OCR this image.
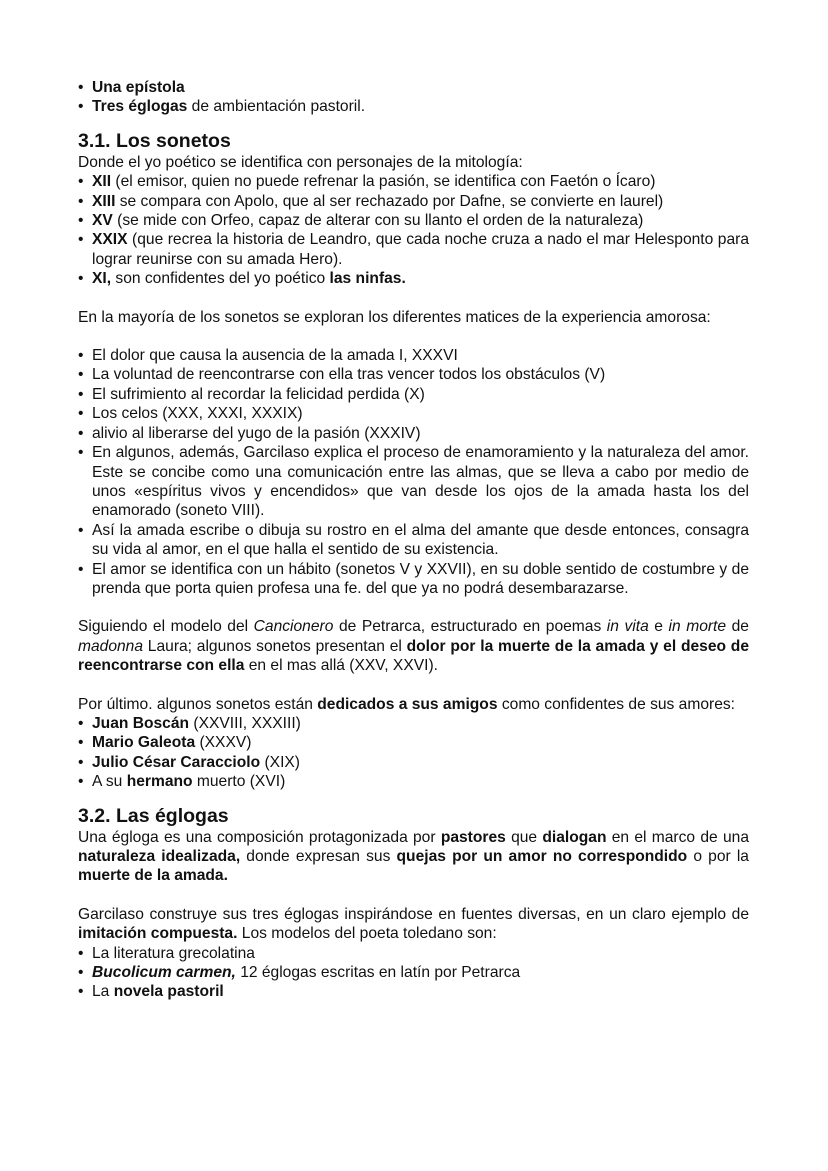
• Una epístola
• Tres églogas de ambientación pastoril.
3.1. Los sonetos

Donde el yo poético se identifica con personajes de la mitología:

• XII (el emisor, quien no puede refrenar la pasión, se identifica con Faetón o Ícaro)
• XIII se compara con Apolo, que al ser rechazado por Dafne, se convierte en laurel)
• XV (se mide con Orfeo, capaz de alterar con su llanto el orden de la naturaleza)
• XXIX (que recrea la historia de Leandro, que cada noche cruza a nado el mar Helesponto para lograr reunirse con su amada Hero).
• XI, son confidentes del yo poético las ninfas.

En la mayoría de los sonetos se exploran los diferentes matices de la experiencia amorosa:

• El dolor que causa la ausencia de la amada I, XXXVI
• La voluntad de reencontrarse con ella tras vencer todos los obstáculos (V)
• El sufrimiento al recordar la felicidad perdida (X)
• Los celos (XXX, XXXI, XXXIX)
• alivio al liberarse del yugo de la pasión (XXXIV)
• En algunos, además, Garcilaso explica el proceso de enamoramiento y la naturaleza del amor. Este se concibe como una comunicación entre las almas, que se lleva a cabo por medio de unos «espíritus vivos y encendidos» que van desde los ojos de la amada hasta los del enamorado (soneto VIII).
• Así la amada escribe o dibuja su rostro en el alma del amante que desde entonces, consagra su vida al amor, en el que halla el sentido de su existencia.
• El amor se identifica con un hábito (sonetos V y XXVII), en su doble sentido de costumbre y de prenda que porta quien profesa una fe. del que ya no podrá desembarazarse.

Siguiendo el modelo del Cancionero de Petrarca, estructurado en poemas in vita e in morte de madonna Laura; algunos sonetos presentan el dolor por la muerte de la amada y el deseo de reencontrarse con ella en el mas allá (XXV, XXVI).

Por último. algunos sonetos están dedicados a sus amigos como confidentes de sus amores:

• Juan Boscán (XXVIII, XXXIII)
• Mario Galeota (XXXV)
• Julio César Caracciolo (XIX)
• A su hermano muerto (XVI)
3.2. Las églogas

Una égloga es una composición protagonizada por pastores que dialogan en el marco de una naturaleza idealizada, donde expresan sus quejas por un amor no correspondido o por la muerte de la amada.

Garcilaso construye sus tres églogas inspirándose en fuentes diversas, en un claro ejemplo de imitación compuesta. Los modelos del poeta toledano son:

• La literatura grecolatina
• Bucolicum carmen, 12 églogas escritas en latín por Petrarca
• La novela pastoril
